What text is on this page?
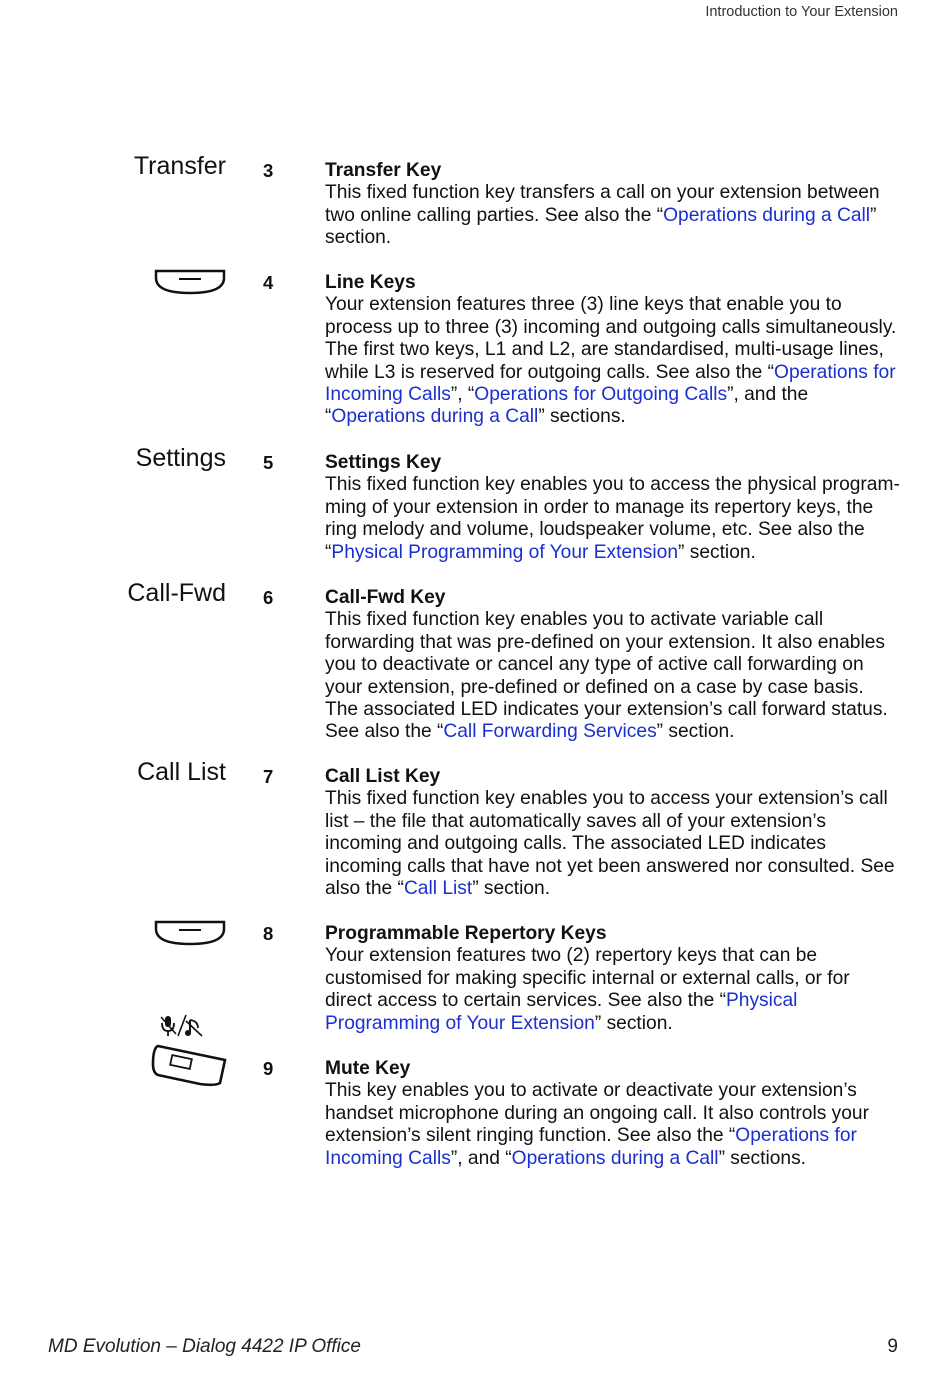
Introduction to Your Extension
Transfer 3	Transfer Key
This fixed function key transfers a call on your extension between two online calling parties. See also the “Operations during a Call” section.
4	Line Keys
Your extension features three (3) line keys that enable you to process up to three (3) incoming and outgoing calls simultaneously. The first two keys, L1 and L2, are standardised, multi-usage lines, while L3 is reserved for outgoing calls. See also the “Operations for Incoming Calls”, “Operations for Outgoing Calls”, and the “Operations during a Call” sections.
Settings 5	Settings Key
This fixed function key enables you to access the physical programming of your extension in order to manage its repertory keys, the ring melody and volume, loudspeaker volume, etc. See also the “Physical Programming of Your Extension” section.
Call-Fwd 6	Call-Fwd Key
This fixed function key enables you to activate variable call forwarding that was pre-defined on your extension. It also enables you to deactivate or cancel any type of active call forwarding on your extension, pre-defined or defined on a case by case basis. The associated LED indicates your extension’s call forward status. See also the “Call Forwarding Services” section.
Call List 7	Call List Key
This fixed function key enables you to access your extension’s call list – the file that automatically saves all of your extension’s incoming and outgoing calls. The associated LED indicates incoming calls that have not yet been answered nor consulted. See also the “Call List” section.
8	Programmable Repertory Keys
Your extension features two (2) repertory keys that can be customised for making specific internal or external calls, or for direct access to certain services. See also the “Physical Programming of Your Extension” section.
9	Mute Key
This key enables you to activate or deactivate your extension’s handset microphone during an ongoing call. It also controls your extension’s silent ringing function. See also the “Operations for Incoming Calls”, and “Operations during a Call” sections.
MD Evolution – Dialog 4422 IP Office	9
